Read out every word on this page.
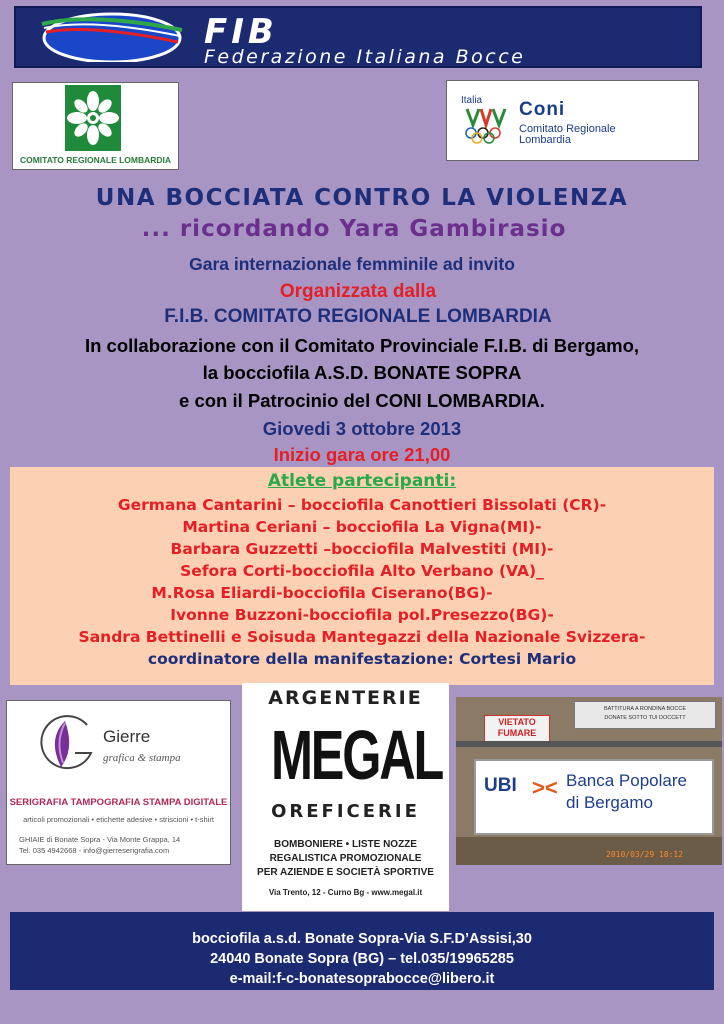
FIB
Federazione Italiana Bocce
COMITATO REGIONALE LOMBARDIA
Italia Coni
Comitato Regionale
Lombardia
UNA BOCCIATA CONTRO LA VIOLENZA
... ricordando Yara Gambirasio
Gara internazionale femminile ad invito
Organizzata dalla
F.I.B. COMITATO REGIONALE LOMBARDIA
In collaborazione con il Comitato Provinciale F.I.B. di Bergamo,
la bocciofila A.S.D. BONATE SOPRA
e con il Patrocinio del CONI LOMBARDIA.
Giovedi 3 ottobre 2013
Inizio gara ore 21,00
Atlete partecipanti:
Germana Cantarini – bocciofila Canottieri Bissolati (CR)-
Martina Ceriani – bocciofila La Vigna(MI)-
Barbara Guzzetti –bocciofila Malvestiti (MI)-
Sefora Corti-bocciofila Alto Verbano (VA)_
M.Rosa Eliardi-bocciofila Ciserano(BG)-
Ivonne Buzzoni-bocciofila pol.Presezzo(BG)-
Sandra Bettinelli e Soisuda Mantegazzi della Nazionale Svizzera-
coordinatore della manifestazione: Cortesi Mario
Gierre
grafica & stampa
SERIGRAFIA TAMPOGRAFIA STAMPA DIGITALE
articoli promozionali • etichette adesive • striscioni • t-shirt
GHIAIE di Bonate Sopra - Via Monte Grappa, 14
Tel. 035 4942668 - info@gierreserigrafia.com
ARGENTERIE
MEGAL
OREFICERIE
BOMBONIERE • LISTE NOZZE
REGALISTICA PROMOZIONALE
PER AZIENDE E SOCIETÀ SPORTIVE
Via Trento, 12 - Curno Bg - www.megal.it
BATTITURA A RONDINA BOCCE
DONATE SOTTO TUI DOCCETT
VIETATO
FUMARE
UBI >< Banca Popolare
di Bergamo
2010/03/29 18:12
bocciofila a.s.d. Bonate Sopra-Via S.F.D’Assisi,30
24040 Bonate Sopra (BG) – tel.035/19965285
e-mail:f-c-bonatesoprabocce@libero.it
